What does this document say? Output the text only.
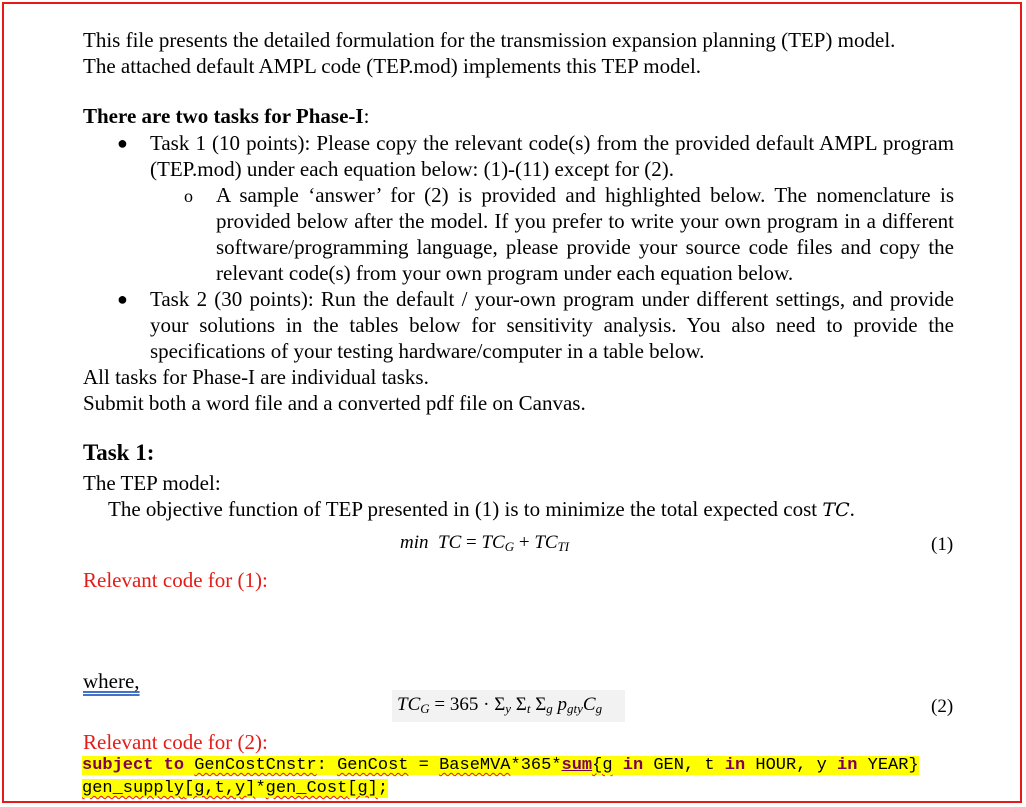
This file presents the detailed formulation for the transmission expansion planning (TEP) model.
The attached default AMPL code (TEP.mod) implements this TEP model.
There are two tasks for Phase-I:
● Task 1 (10 points): Please copy the relevant code(s) from the provided default AMPL program (TEP.mod) under each equation below: (1)-(11) except for (2).
o A sample ‘answer’ for (2) is provided and highlighted below. The nomenclature is provided below after the model. If you prefer to write your own program in a different software/programming language, please provide your source code files and copy the relevant code(s) from your own program under each equation below.
● Task 2 (30 points): Run the default / your-own program under different settings, and provide your solutions in the tables below for sensitivity analysis. You also need to provide the specifications of your testing hardware/computer in a table below.
All tasks for Phase-I are individual tasks.
Submit both a word file and a converted pdf file on Canvas.
Task 1:
The TEP model:
The objective function of TEP presented in (1) is to minimize the total expected cost TC.
min TC = $TC_G + TC_{TI}$	(1)
Relevant code for (1):
where,
$TC_G = 365 \cdot \Sigma_y$ $\Sigma_t$ $\Sigma_g$ $p_{gty}C_g$	(2)
Relevant code for (2):
subject to GenCostCnstr: GenCost = BaseMVA*365*sum{g in GEN, t in HOUR, y in YEAR}
gen_supply[g,t,y]*gen_Cost[g];
